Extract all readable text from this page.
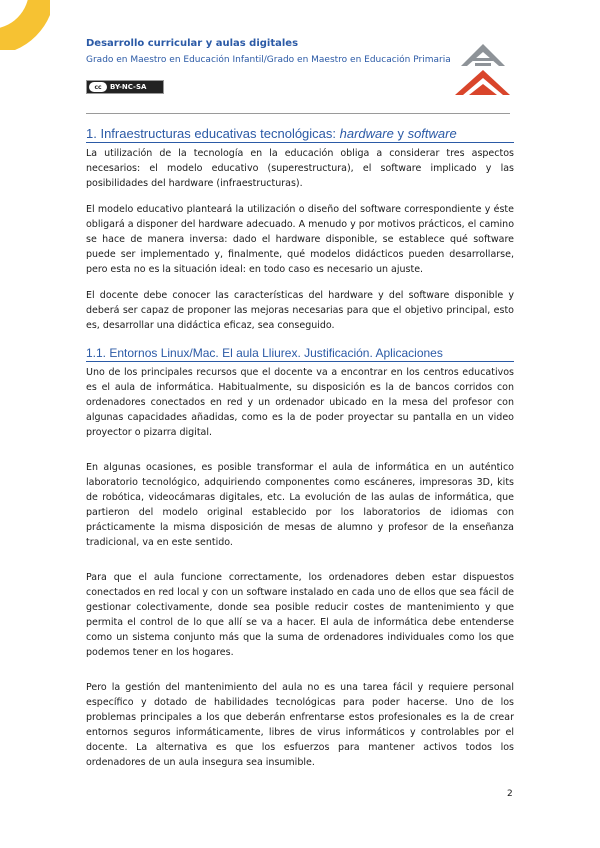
Desarrollo curricular y aulas digitales
Grado en Maestro en Educación Infantil/Grado en Maestro en Educación Primaria
cc	BY-NC-SA
1. Infraestructuras educativas tecnológicas: hardware y software

La utilización de la tecnología en la educación obliga a considerar tres aspectos necesarios: el modelo educativo (superestructura), el software implicado y las posibilidades del hardware (infraestructuras).

El modelo educativo planteará la utilización o diseño del software correspondiente y éste obligará a disponer del hardware adecuado. A menudo y por motivos prácticos, el camino se hace de manera inversa: dado el hardware disponible, se establece qué software puede ser implementado y, finalmente, qué modelos didácticos pueden desarrollarse, pero esta no es la situación ideal: en todo caso es necesario un ajuste.

El docente debe conocer las características del hardware y del software disponible y deberá ser capaz de proponer las mejoras necesarias para que el objetivo principal, esto es, desarrollar una didáctica eficaz, sea conseguido.

1.1. Entornos Linux/Mac. El aula Lliurex. Justificación. Aplicaciones

Uno de los principales recursos que el docente va a encontrar en los centros educativos es el aula de informática. Habitualmente, su disposición es la de bancos corridos con ordenadores conectados en red y un ordenador ubicado en la mesa del profesor con algunas capacidades añadidas, como es la de poder proyectar su pantalla en un video proyector o pizarra digital.

En algunas ocasiones, es posible transformar el aula de informática en un auténtico laboratorio tecnológico, adquiriendo componentes como escáneres, impresoras 3D, kits de robótica, videocámaras digitales, etc. La evolución de las aulas de informática, que partieron del modelo original establecido por los laboratorios de idiomas con prácticamente la misma disposición de mesas de alumno y profesor de la enseñanza tradicional, va en este sentido.

Para que el aula funcione correctamente, los ordenadores deben estar dispuestos conectados en red local y con un software instalado en cada uno de ellos que sea fácil de gestionar colectivamente, donde sea posible reducir costes de mantenimiento y que permita el control de lo que allí se va a hacer. El aula de informática debe entenderse como un sistema conjunto más que la suma de ordenadores individuales como los que podemos tener en los hogares.

Pero la gestión del mantenimiento del aula no es una tarea fácil y requiere personal específico y dotado de habilidades tecnológicas para poder hacerse. Uno de los problemas principales a los que deberán enfrentarse estos profesionales es la de crear entornos seguros informáticamente, libres de virus informáticos y controlables por el docente. La alternativa es que los esfuerzos para mantener activos todos los ordenadores de un aula insegura sea insumible.

2
